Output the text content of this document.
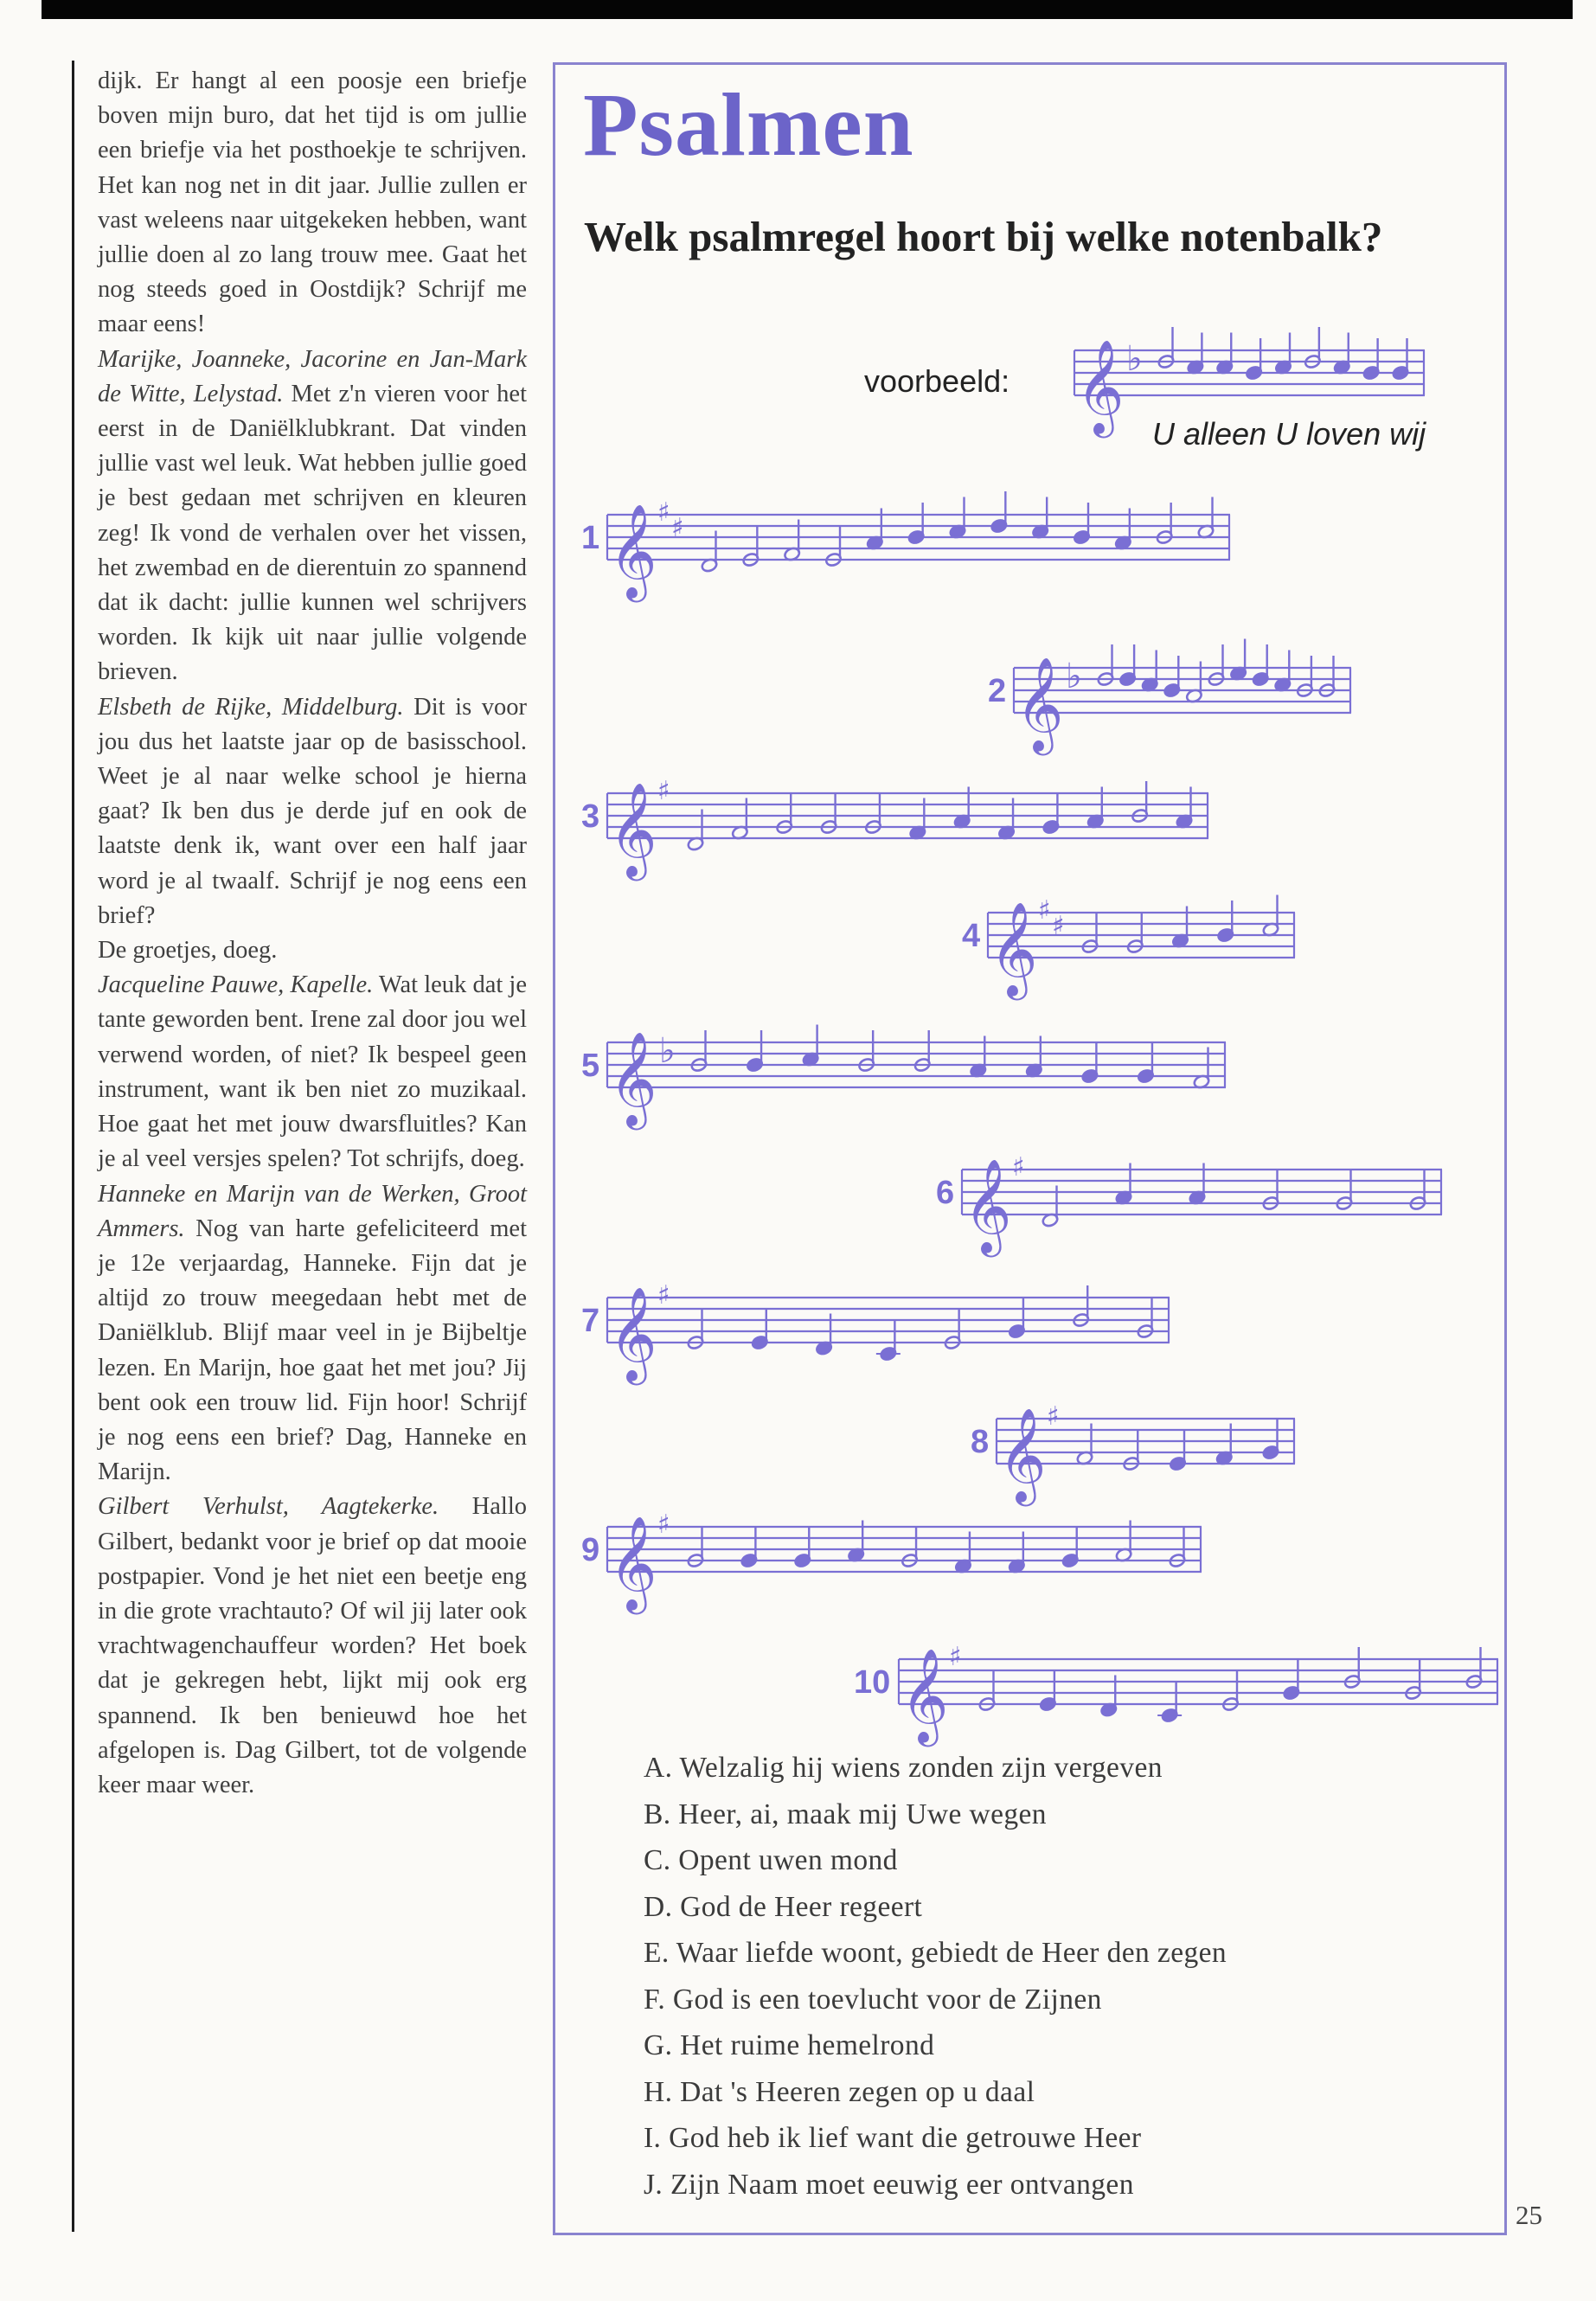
dijk. Er hangt al een poosje een briefje boven mijn buro, dat het tijd is om jullie een briefje via het posthoekje te schrijven. Het kan nog net in dit jaar. Jullie zullen er vast weleens naar uitgekeken hebben, want jullie doen al zo lang trouw mee. Gaat het nog steeds goed in Oostdijk? Schrijf me maar eens!

Marijke, Joanneke, Jacorine en Jan-Mark de Witte, Lelystad. Met z'n vieren voor het eerst in de Daniëlklubkrant. Dat vinden jullie vast wel leuk. Wat hebben jullie goed je best gedaan met schrijven en kleuren zeg! Ik vond de verhalen over het vissen, het zwembad en de dierentuin zo spannend dat ik dacht: jullie kunnen wel schrijvers worden. Ik kijk uit naar jullie volgende brieven.

Elsbeth de Rijke, Middelburg. Dit is voor jou dus het laatste jaar op de basisschool. Weet je al naar welke school je hierna gaat? Ik ben dus je derde juf en ook de laatste denk ik, want over een half jaar word je al twaalf. Schrijf je nog eens een brief?

De groetjes, doeg.

Jacqueline Pauwe, Kapelle. Wat leuk dat je tante geworden bent. Irene zal door jou wel verwend worden, of niet? Ik bespeel geen instrument, want ik ben niet zo muzikaal. Hoe gaat het met jouw dwarsfluitles? Kan je al veel versjes spelen? Tot schrijfs, doeg.

Hanneke en Marijn van de Werken, Groot Ammers. Nog van harte gefeliciteerd met je 12e verjaardag, Hanneke. Fijn dat je altijd zo trouw meegedaan hebt met de Daniëlklub. Blijf maar veel in je Bijbeltje lezen. En Marijn, hoe gaat het met jou? Jij bent ook een trouw lid. Fijn hoor! Schrijf je nog eens een brief? Dag, Hanneke en Marijn.

Gilbert Verhulst, Aagtekerke. Hallo Gilbert, bedankt voor je brief op dat mooie postpapier. Vond je het niet een beetje eng in die grote vrachtauto? Of wil jij later ook vrachtwagenchauffeur worden? Het boek dat je gekregen hebt, lijkt mij ook erg spannend. Ik ben benieuwd hoe het afgelopen is. Dag Gilbert, tot de volgende keer maar weer.

Psalmen
Welk psalmregel hoort bij welke notenbalk?
voorbeeld:
U alleen U loven wij
𝄞 ♭
1 𝄞 ♯
♯
2 𝄞 ♭
3 𝄞 ♯
4 𝄞 ♯
♯
5 𝄞 ♭
6 𝄞 ♯
7 𝄞 ♯
8 𝄞 ♯
9 𝄞 ♯
10 𝄞 ♯
A. Welzalig hij wiens zonden zijn vergeven
B. Heer, ai, maak mij Uwe wegen
C. Opent uwen mond
D. God de Heer regeert
E. Waar liefde woont, gebiedt de Heer den zegen
F. God is een toevlucht voor de Zijnen
G. Het ruime hemelrond
H. Dat 's Heeren zegen op u daal
I. God heb ik lief want die getrouwe Heer
J. Zijn Naam moet eeuwig eer ontvangen
25
